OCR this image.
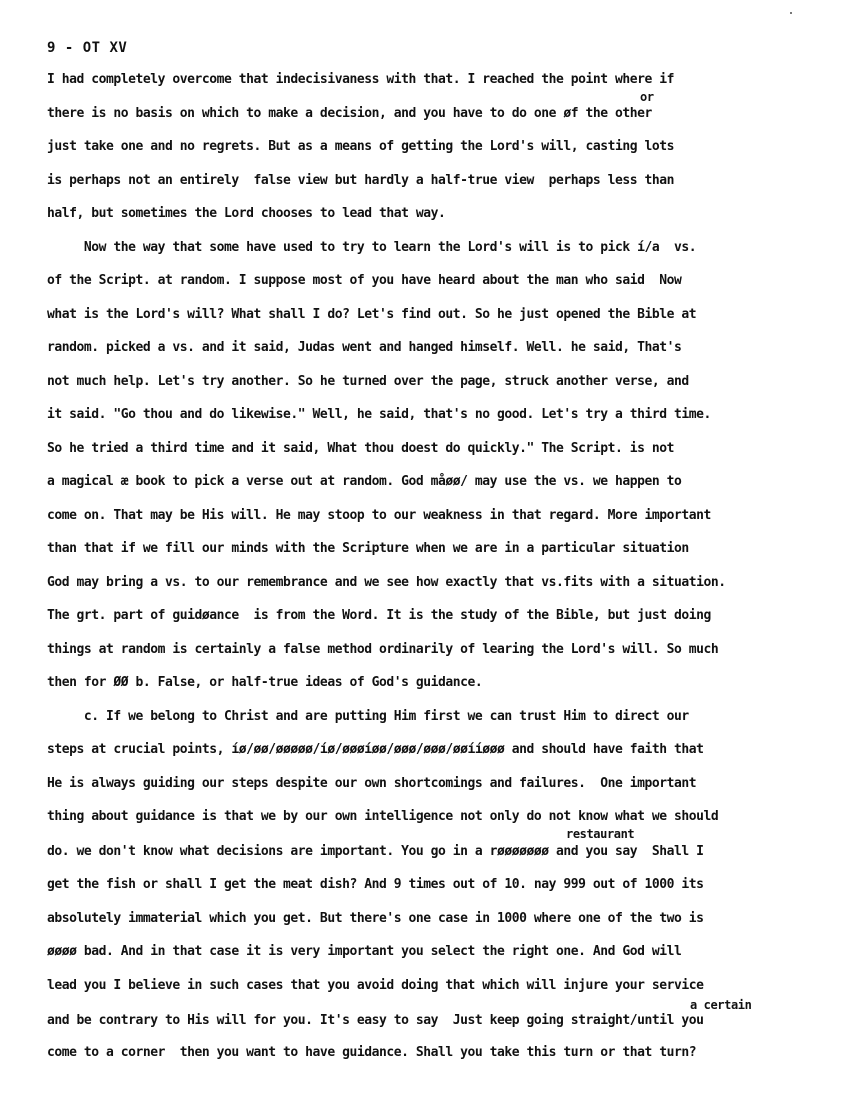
9 - OT XV
or
restaurant
a certain
I had completely overcome that indecisivaness with that. I reached the point where if
there is no basis on which to make a decision, and you have to do one øf the other
just take one and no regrets. But as a means of getting the Lord's will, casting lots
is perhaps not an entirely  false view but hardly a half-true view  perhaps less than
half, but sometimes the Lord chooses to lead that way.
Now the way that some have used to try to learn the Lord's will is to pick í/a  vs.
of the Script. at random. I suppose most of you have heard about the man who said  Now
what is the Lord's will? What shall I do? Let's find out. So he just opened the Bible at
random. picked a vs. and it said, Judas went and hanged himself. Well. he said, That's
not much help. Let's try another. So he turned over the page, struck another verse, and
it said. "Go thou and do likewise." Well, he said, that's no good. Let's try a third time.
So he tried a third time and it said, What thou doest do quickly." The Script. is not
a magical æ book to pick a verse out at random. God måøø/ may use the vs. we happen to
come on. That may be His will. He may stoop to our weakness in that regard. More important
than that if we fill our minds with the Scripture when we are in a particular situation
God may bring a vs. to our remembrance and we see how exactly that vs.fits with a situation.
The grt. part of guidøance  is from the Word. It is the study of the Bible, but just doing
things at random is certainly a false method ordinarily of learing the Lord's will. So much
then for ØØ b. False, or half-true ideas of God's guidance.
c. If we belong to Christ and are putting Him first we can trust Him to direct our
steps at crucial points, íø/øø/øøøøø/íø/øøøíøø/øøø/øøø/øøííøøø and should have faith that
He is always guiding our steps despite our own shortcomings and failures.  One important
thing about guidance is that we by our own intelligence not only do not know what we should
do. we don't know what decisions are important. You go in a røøøøøøø and you say  Shall I
get the fish or shall I get the meat dish? And 9 times out of 10. nay 999 out of 1000 its
absolutely immaterial which you get. But there's one case in 1000 where one of the two is
øøøø bad. And in that case it is very important you select the right one. And God will
lead you I believe in such cases that you avoid doing that which will injure your service
and be contrary to His will for you. It's easy to say  Just keep going straight/until you
come to a corner  then you want to have guidance. Shall you take this turn or that turn?
